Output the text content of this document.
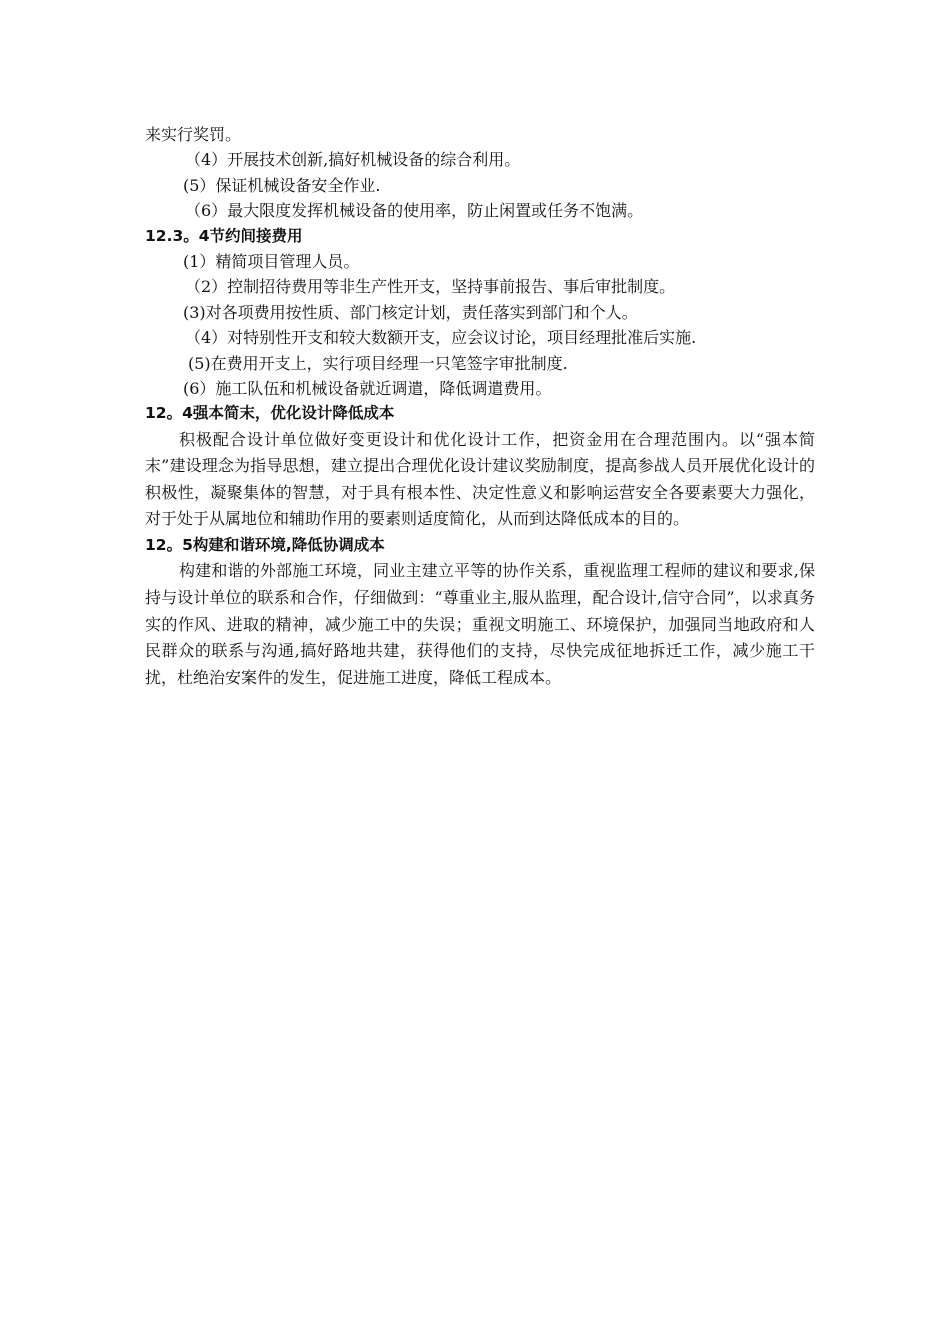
来实行奖罚。
（4）开展技术创新,搞好机械设备的综合利用。
(5）保证机械设备安全作业.
（6）最大限度发挥机械设备的使用率，防止闲置或任务不饱满。
12.3。4节约间接费用
(1）精简项目管理人员。
（2）控制招待费用等非生产性开支，坚持事前报告、事后审批制度。
(3)对各项费用按性质、部门核定计划，责任落实到部门和个人。
（4）对特别性开支和较大数额开支，应会议讨论，项目经理批准后实施.
(5)在费用开支上，实行项目经理一只笔签字审批制度.
(6）施工队伍和机械设备就近调遣，降低调遣费用。
12。4强本简末，优化设计降低成本

积极配合设计单位做好变更设计和优化设计工作，把资金用在合理范围内。以“强本简末”建设理念为指导思想，建立提出合理优化设计建议奖励制度，提高参战人员开展优化设计的积极性，凝聚集体的智慧，对于具有根本性、决定性意义和影响运营安全各要素要大力强化，对于处于从属地位和辅助作用的要素则适度简化，从而到达降低成本的目的。

12。5构建和谐环境,降低协调成本

构建和谐的外部施工环境，同业主建立平等的协作关系，重视监理工程师的建议和要求,保持与设计单位的联系和合作，仔细做到：“尊重业主,服从监理，配合设计,信守合同”，以求真务实的作风、进取的精神，减少施工中的失误；重视文明施工、环境保护，加强同当地政府和人民群众的联系与沟通,搞好路地共建，获得他们的支持，尽快完成征地拆迁工作，减少施工干扰，杜绝治安案件的发生，促进施工进度，降低工程成本。
